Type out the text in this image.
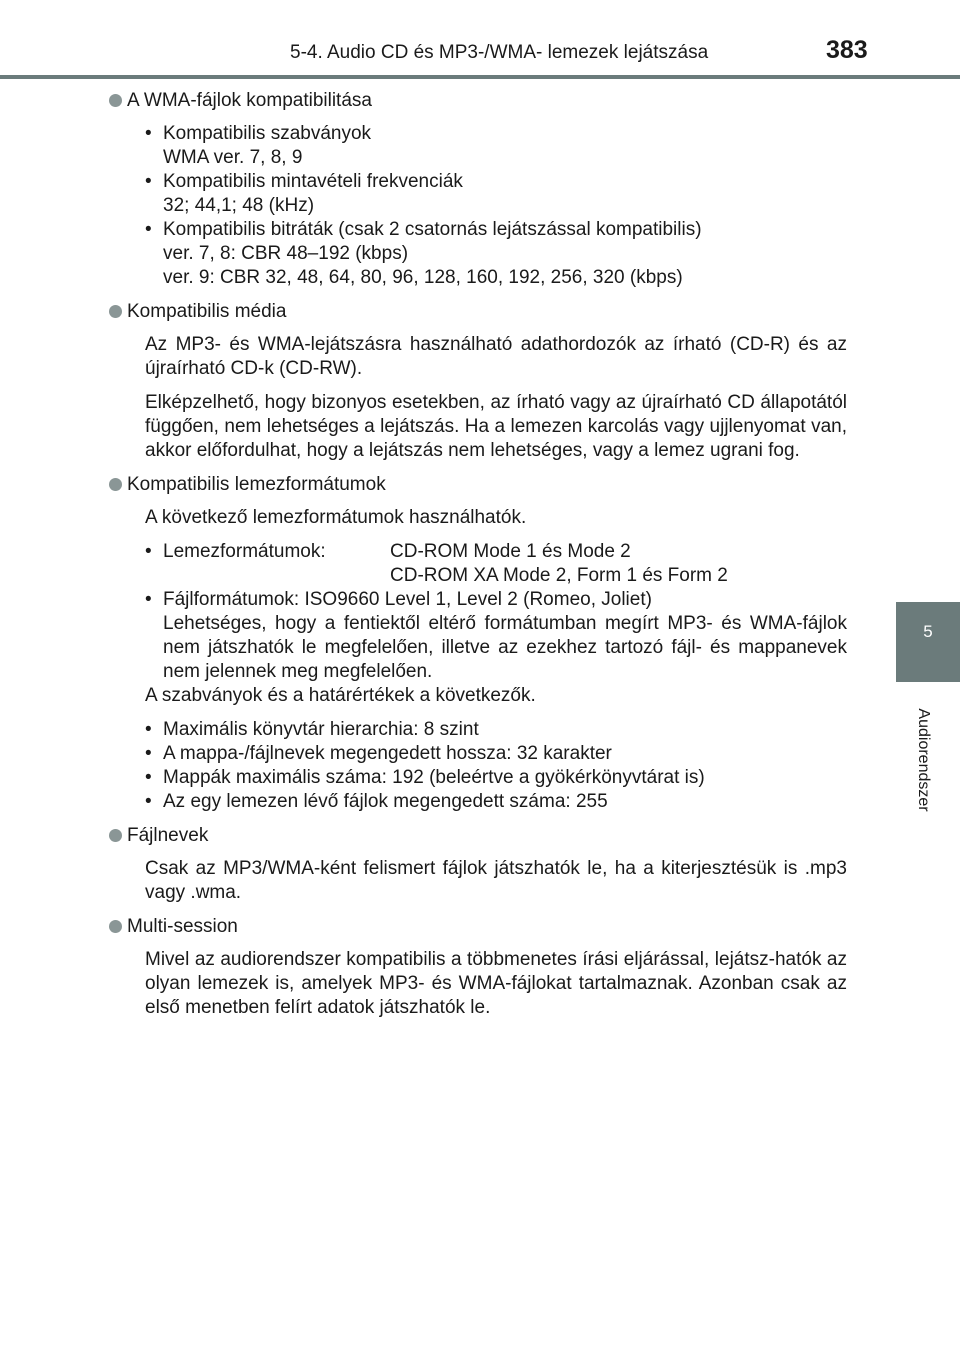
5-4. Audio CD és MP3-/WMA- lemezek lejátszása	383
5
Audiorendszer
A WMA-fájlok kompatibilitása
• Kompatibilis szabványok
WMA ver. 7, 8, 9
• Kompatibilis mintavételi frekvenciák
32; 44,1; 48 (kHz)
• Kompatibilis bitráták (csak 2 csatornás lejátszással kompatibilis)
ver. 7, 8: CBR 48–192 (kbps)
ver. 9: CBR 32, 48, 64, 80, 96, 128, 160, 192, 256, 320 (kbps)
Kompatibilis média

Az MP3- és WMA-lejátszásra használható adathordozók az írható (CD-R) és az újraírható CD-k (CD-RW).

Elképzelhető, hogy bizonyos esetekben, az írható vagy az újraírható CD állapotától függően, nem lehetséges a lejátszás. Ha a lemezen karcolás vagy ujjlenyomat van, akkor előfordulhat, hogy a lejátszás nem lehetséges, vagy a lemez ugrani fog.

Kompatibilis lemezformátumok

A következő lemezformátumok használhatók.

• Lemezformátumok:	CD-ROM Mode 1 és Mode 2
CD-ROM XA Mode 2, Form 1 és Form 2
• Fájlformátumok: ISO9660 Level 1, Level 2 (Romeo, Joliet)
Lehetséges, hogy a fentiektől eltérő formátumban megírt MP3- és WMA-fájlok nem játszhatók le megfelelően, illetve az ezekhez tartozó fájl- és mappanevek nem jelennek meg megfelelően.

A szabványok és a határértékek a következők.

• Maximális könyvtár hierarchia: 8 szint
• A mappa-/fájlnevek megengedett hossza: 32 karakter
• Mappák maximális száma: 192 (beleértve a gyökérkönyvtárat is)
• Az egy lemezen lévő fájlok megengedett száma: 255
Fájlnevek

Csak az MP3/WMA-ként felismert fájlok játszhatók le, ha a kiterjesztésük is .mp3 vagy .wma.

Multi-session

Mivel az audiorendszer kompatibilis a többmenetes írási eljárással, lejátsz-hatók az olyan lemezek is, amelyek MP3- és WMA-fájlokat tartalmaznak. Azonban csak az első menetben felírt adatok játszhatók le.
